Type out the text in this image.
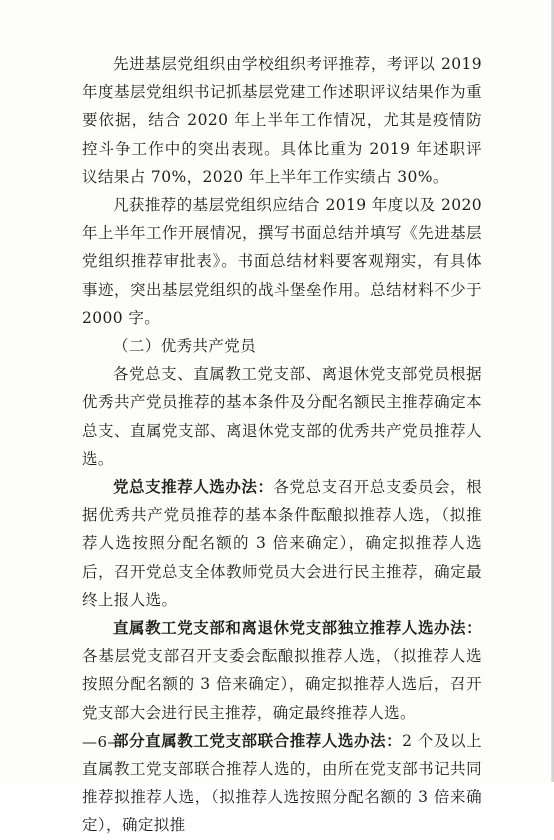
先进基层党组织由学校组织考评推荐，考评以 2019 年度基层党组织书记抓基层党建工作述职评议结果作为重要依据，结合 2020 年上半年工作情况，尤其是疫情防控斗争工作中的突出表现。具体比重为 2019 年述职评议结果占 70%，2020 年上半年工作实绩占 30%。

凡获推荐的基层党组织应结合 2019 年度以及 2020 年上半年工作开展情况，撰写书面总结并填写《先进基层党组织推荐审批表》。书面总结材料要客观翔实，有具体事迹，突出基层党组织的战斗堡垒作用。总结材料不少于 2000 字。

（二）优秀共产党员

各党总支、直属教工党支部、离退休党支部党员根据优秀共产党员推荐的基本条件及分配名额民主推荐确定本总支、直属党支部、离退休党支部的优秀共产党员推荐人选。

党总支推荐人选办法：各党总支召开总支委员会，根据优秀共产党员推荐的基本条件酝酿拟推荐人选，（拟推荐人选按照分配名额的 3 倍来确定），确定拟推荐人选后，召开党总支全体教师党员大会进行民主推荐，确定最终上报人选。

直属教工党支部和离退休党支部独立推荐人选办法：各基层党支部召开支委会酝酿拟推荐人选，（拟推荐人选按照分配名额的 3 倍来确定），确定拟推荐人选后，召开党支部大会进行民主推荐，确定最终推荐人选。

部分直属教工党支部联合推荐人选办法：2 个及以上直属教工党支部联合推荐人选的，由所在党支部书记共同推荐拟推荐人选，（拟推荐人选按照分配名额的 3 倍来确定），确定拟推

—6—
